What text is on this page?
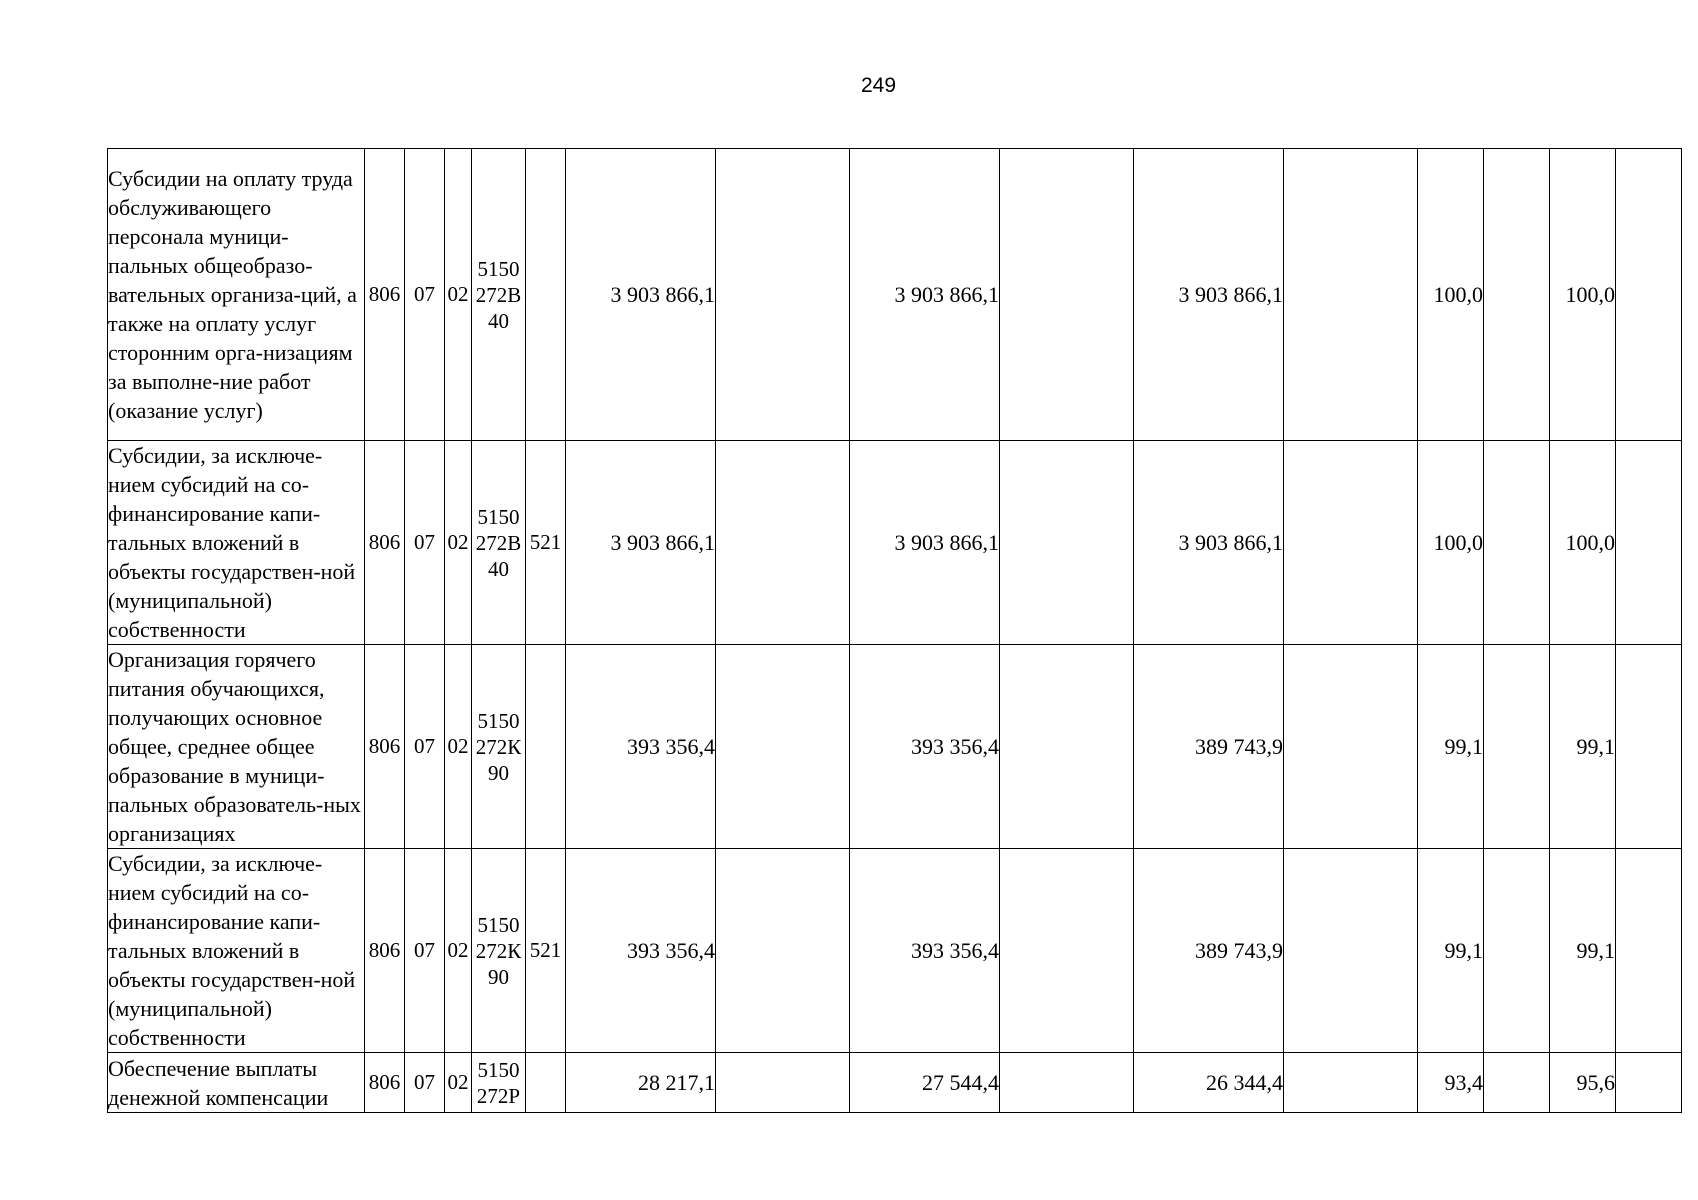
249
Субсидии на оплату труда обслуживающего персонала муници-пальных общеобразо-вательных организа-ций, а также на оплату услуг сторонним орга-низациям за выполне-ние работ (оказание услуг)	806	07	02	5150 272В 40		3 903 866,1		3 903 866,1		3 903 866,1		100,0		100,0	
Субсидии, за исключе-нием субсидий на со-финансирование капи-тальных вложений в объекты государствен-ной (муниципальной) собственности	806	07	02	5150 272В 40	521	3 903 866,1		3 903 866,1		3 903 866,1		100,0		100,0	
Организация горячего питания обучающихся, получающих основное общее, среднее общее образование в муници-пальных образователь-ных организациях	806	07	02	5150 272К 90		393 356,4		393 356,4		389 743,9		99,1		99,1	
Субсидии, за исключе-нием субсидий на со-финансирование капи-тальных вложений в объекты государствен-ной (муниципальной) собственности	806	07	02	5150 272К 90	521	393 356,4		393 356,4		389 743,9		99,1		99,1	
Обеспечение выплаты денежной компенсации	806	07	02	5150 272Р		28 217,1		27 544,4		26 344,4		93,4		95,6	
